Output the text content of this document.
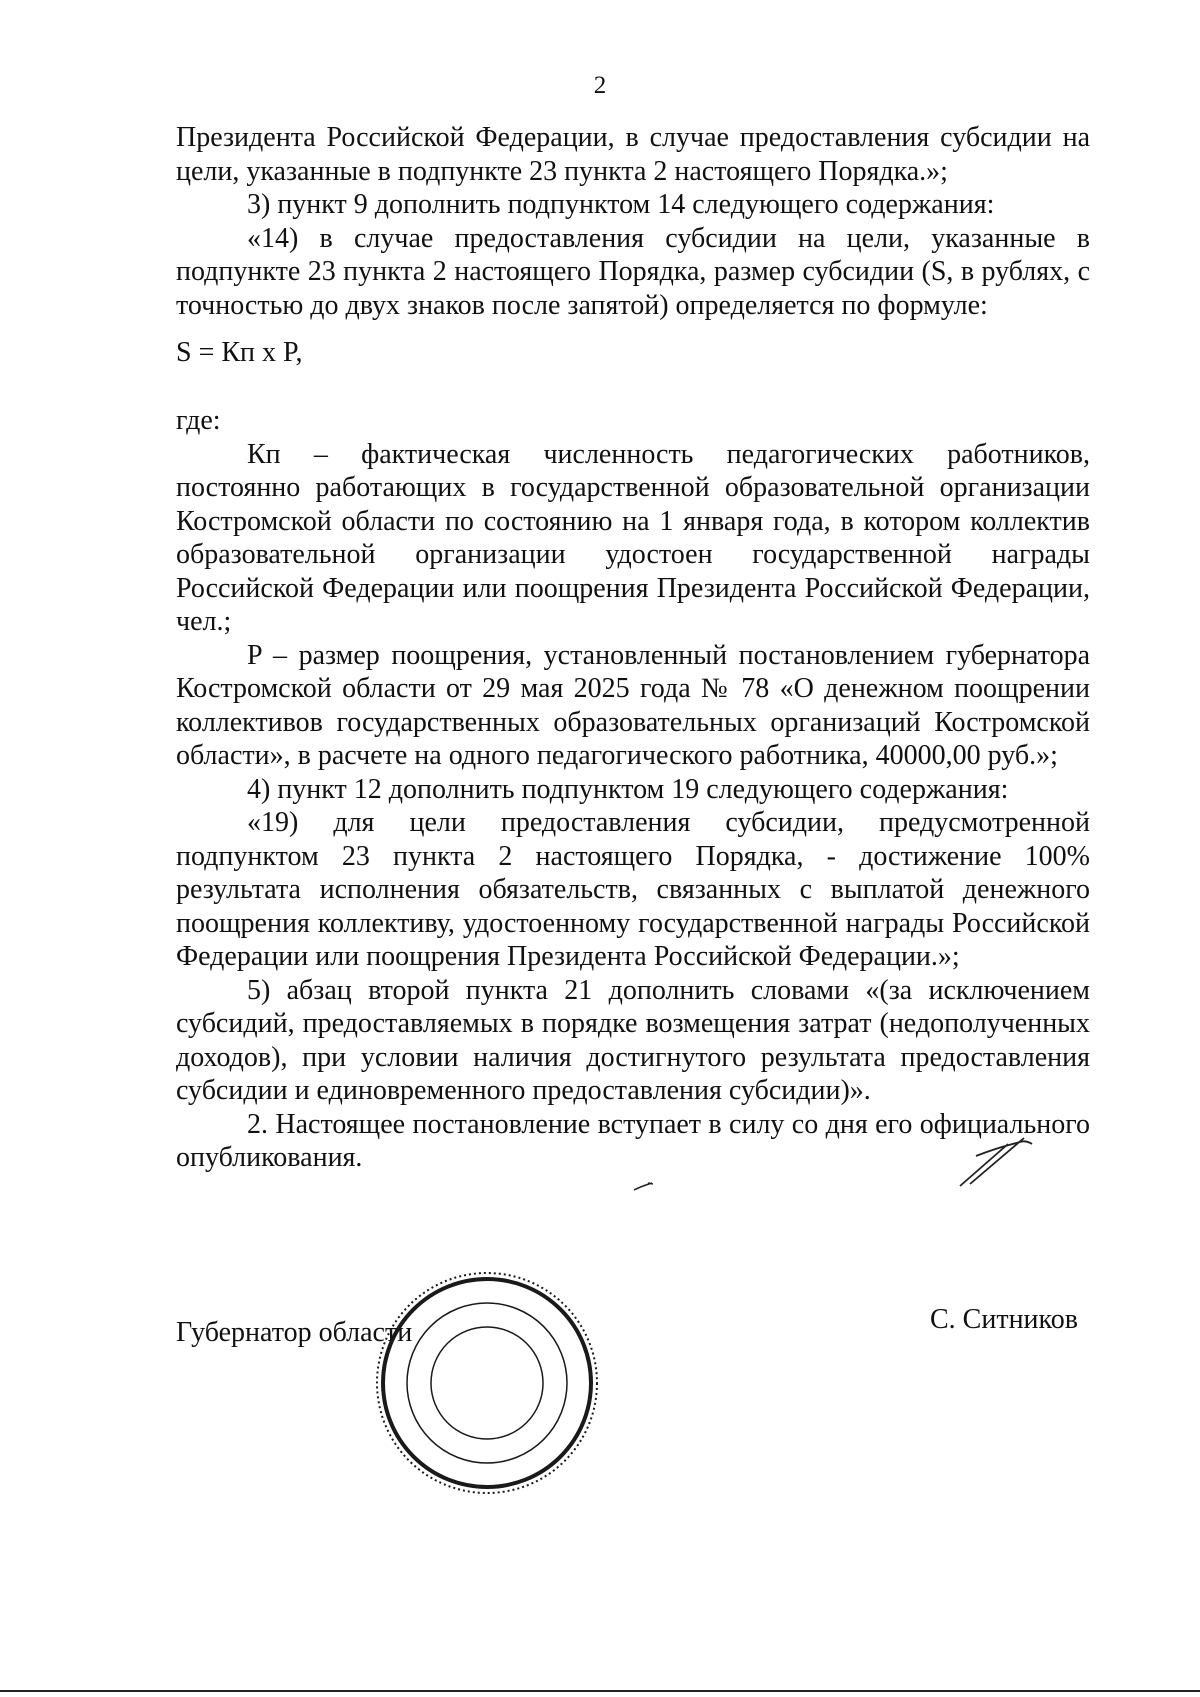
2

Президента Российской Федерации, в случае предоставления субсидии на цели, указанные в подпункте 23 пункта 2 настоящего Порядка.»;

3) пункт 9 дополнить подпунктом 14 следующего содержания:

«14) в случае предоставления субсидии на цели, указанные в подпункте 23 пункта 2 настоящего Порядка, размер субсидии (S, в рублях, с точностью до двух знаков после запятой) определяется по формуле:

S = Кп x P,

где:

Кп – фактическая численность педагогических работников, постоянно работающих в государственной образовательной организации Костромской области по состоянию на 1 января года, в котором коллектив образовательной организации удостоен государственной награды Российской Федерации или поощрения Президента Российской Федерации, чел.;

P – размер поощрения, установленный постановлением губернатора Костромской области от 29 мая 2025 года № 78 «О денежном поощрении коллективов государственных образовательных организаций Костромской области», в расчете на одного педагогического работника, 40000,00 руб.»;

4) пункт 12 дополнить подпунктом 19 следующего содержания:

«19) для цели предоставления субсидии, предусмотренной подпунктом 23 пункта 2 настоящего Порядка, - достижение 100% результата исполнения обязательств, связанных с выплатой денежного поощрения коллективу, удостоенному государственной награды Российской Федерации или поощрения Президента Российской Федерации.»;

5) абзац второй пункта 21 дополнить словами «(за исключением субсидий, предоставляемых в порядке возмещения затрат (недополученных доходов), при условии наличия достигнутого результата предоставления субсидии и единовременного предоставления субсидии)».

2. Настоящее постановление вступает в силу со дня его официального опубликования.

Губернатор области	С. Ситников
